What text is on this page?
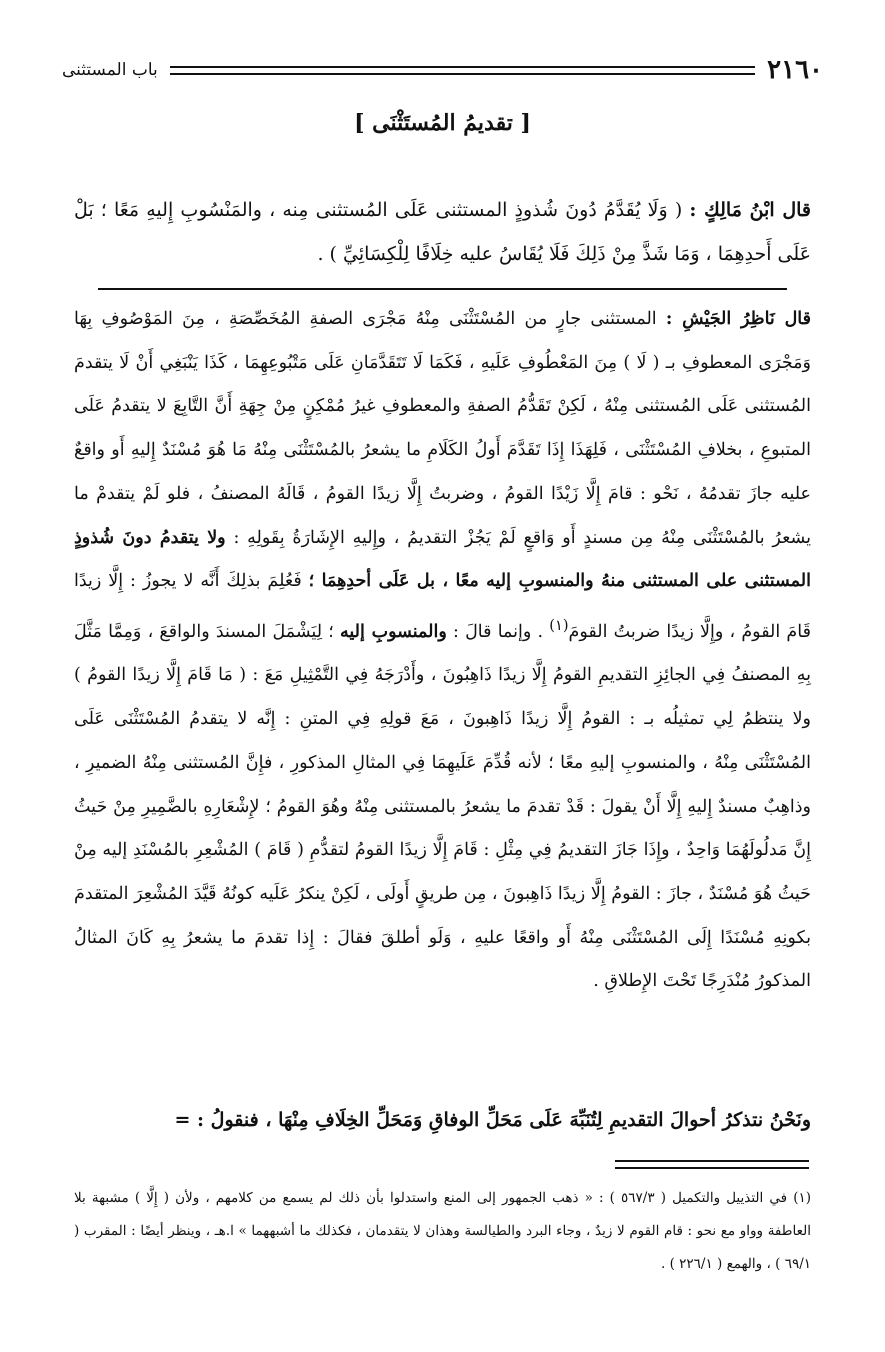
٢١٦٠
باب المستثنى
[ تقديمُ المُستَثْنَى ]
قال ابْنُ مَالِكٍ : ( وَلَا يُقَدَّمُ دُونَ شُذوذٍ المستثنى عَلَى المُستثنى مِنه ، والمَنْسُوبِ إِليهِ مَعًا ؛ بَلْ عَلَى أَحدِهِمَا ، وَمَا شَذَّ مِنْ ذَلِكَ فَلَا يُقَاسُ عليه خِلَافًا لِلْكِسَائِيِّ ) .
قال نَاظِرُ الجَيْشِ : المستثنى جارٍ من المُسْتَثْنَى مِنْهُ مَجْرَى الصفةِ المُخَصِّصَةِ ، مِنَ المَوْصُوفِ بِهَا وَمَجْرَى المعطوفِ بـ ( لَا ) مِنَ المَعْطُوفِ عَلَيهِ ، فَكَمَا لَا تَتَقَدَّمَانِ عَلَى مَتْبُوعِهِمَا ، كَذَا يَنْبَغِي أَنْ لَا يتقدمَ المُستثنى عَلَى المُستثنى مِنْهُ ، لَكِنْ تَقَدُّمُ الصفةِ والمعطوفِ غيرُ مُمْكِنٍ مِنْ جِهَةِ أَنَّ التَّابِعَ لا يتقدمُ عَلَى المتبوعِ ، بخلافِ المُسْتَثْنَى ، فَلِهَذَا إِذَا تَقَدَّمَ أَولُ الكَلَامِ ما يشعرُ بالمُسْتَثْنَى مِنْهُ مَا هُوَ مُسْنَدٌ إِليهِ أَو واقعٌ عليه جازَ تقدمُهُ ، نَحْو : قامَ إِلَّا زَيْدًا القومُ ، وضربتُ إِلَّا زيدًا القومُ ، قَالَهُ المصنفُ ، فلو لَمْ يتقدمْ ما يشعرُ بالمُسْتَثْنَى مِنْهُ مِن مسندٍ أَو وَاقعٍ لَمْ يَجُزْ التقديمُ ، وإِليهِ الإِشَارَةُ بِقَولِهِ : ولا يتقدمُ دونَ شُذوذٍ المستثنى على المستثنى منهُ والمنسوبِ إليه معًا ، بل عَلَى أحدِهِمَا ؛ فَعُلِمَ بذلِكَ أَنَّه لا يجوزُ : إِلَّا زيدًا قَامَ القومُ ، وإِلَّا زيدًا ضربتُ القومَ$^{(١)}$ . وإنما قالَ : والمنسوبِ إليه ؛ لِيَشْمَلَ المسندَ والواقعَ ، وَمِمَّا مَثَّلَ بِهِ المصنفُ فِي الجائِزِ التقديمِ القومُ إِلَّا زيدًا ذَاهِبُونَ ، وأَدْرَجَهُ فِي التَّمْثِيلِ مَعَ : ( مَا قَامَ إِلَّا زيدًا القومُ ) ولا ينتظمُ لِي تمثيلُه بـ : القومُ إِلَّا زيدًا ذَاهِبونَ ، مَعَ قولِهِ فِي المتنِ : إِنَّه لا يتقدمُ المُسْتَثْنَى عَلَى المُسْتَثْنَى مِنْهُ ، والمنسوبِ إليهِ معًا ؛ لأنه قُدِّمَ عَلَيهِمَا فِي المثالِ المذكورِ ، فإِنَّ المُستثنى مِنْهُ الضميرِ ، وذاهِبٌ مسندٌ إِليهِ إِلَّا أَنْ يقولَ : قَدْ تقدمَ ما يشعرُ بالمستثنى مِنْهُ وهُوَ القومُ ؛ لإِشْعَارِهِ بالضَّمِيرِ مِنْ حَيثُ إِنَّ مَدلُولَهُمَا وَاحِدٌ ، وإِذَا جَازَ التقديمُ فِي مِثْلِ : قَامَ إِلَّا زيدًا القومُ لتقدُّمِ ( قَامَ ) المُشْعِرِ بالمُسْنَدِ إليه مِنْ حَيثُ هُوَ مُسْنَدٌ ، جازَ : القومُ إِلَّا زيدًا ذَاهِبونَ ، مِن طريقٍ أَولَى ، لَكِنْ ينكرُ عَلَيه كونُهُ قَيَّدَ المُشْعِرَ المتقدمَ بكونِهِ مُسْنَدًا إِلَى المُسْتَثْنَى مِنْهُ أَو واقعًا عليهِ ، وَلَو أطلقَ فقالَ : إِذا تقدمَ ما يشعرُ بِهِ كَانَ المثالُ المذكورُ مُنْدَرِجًا تَحْتَ الإِطلاقِ .
ونَحْنُ نتذكرُ أحوالَ التقديمِ لِتُنَبِّهَ عَلَى مَحَلِّ الوفاقِ وَمَحَلِّ الخِلَافِ مِنْهَا ، فنقولُ : =
(١) في التذييل والتكميل ( ٥٦٧/٣ ) : « ذهب الجمهور إلى المنع واستدلوا بأن ذلك لم يسمع من كلامهم ، ولأن ( إِلَّا ) مشبهة بلا العاطفة وواو مع نحو : قام القوم لا زيدٌ ، وجاء البرد والطيالسة وهذان لا يتقدمان ، فكذلك ما أشبههما » ا.هـ ، وينظر أيضًا : المقرب ( ٦٩/١ ) ، والهمع ( ٢٢٦/١ ) .
